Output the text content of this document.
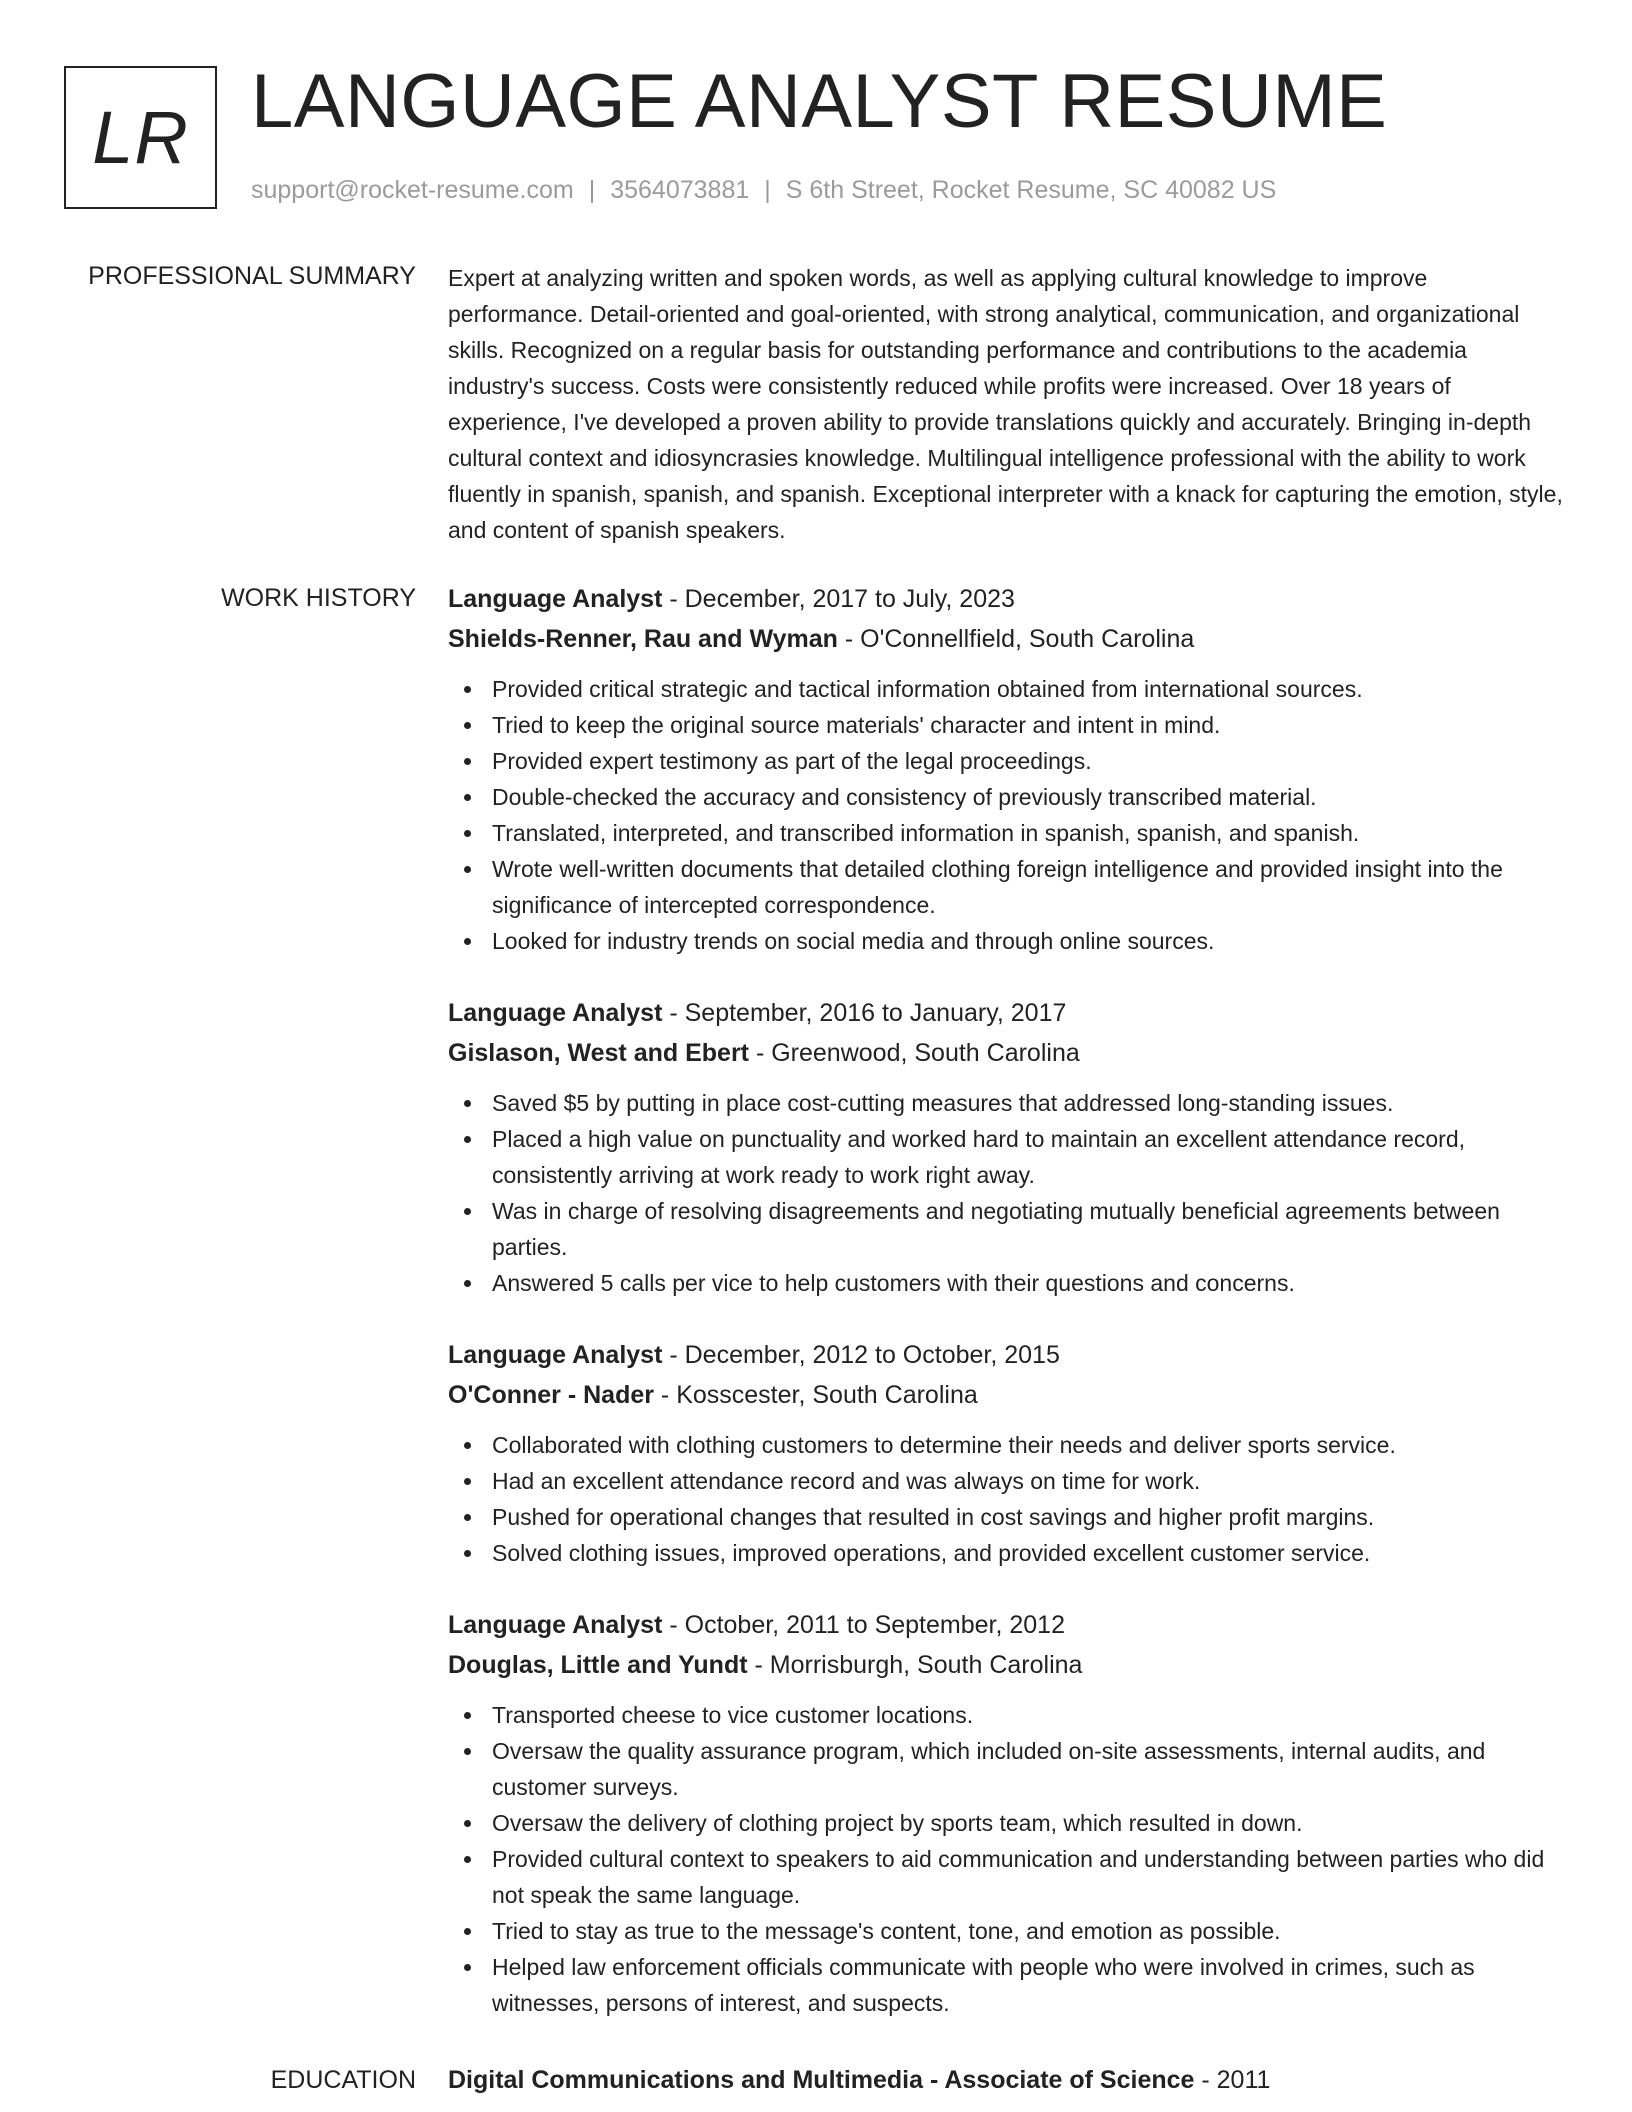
LR LANGUAGE ANALYST RESUME
support@rocket-resume.com | 3564073881 | S 6th Street, Rocket Resume, SC 40082 US
PROFESSIONAL SUMMARY Expert at analyzing written and spoken words, as well as applying cultural knowledge to improve performance. Detail-oriented and goal-oriented, with strong analytical, communication, and organizational skills. Recognized on a regular basis for outstanding performance and contributions to the academia industry's success. Costs were consistently reduced while profits were increased. Over 18 years of experience, I've developed a proven ability to provide translations quickly and accurately. Bringing in-depth cultural context and idiosyncrasies knowledge. Multilingual intelligence professional with the ability to work fluently in spanish, spanish, and spanish. Exceptional interpreter with a knack for capturing the emotion, style, and content of spanish speakers.

WORK HISTORY Language Analyst - December, 2017 to July, 2023
Shields-Renner, Rau and Wyman - O'Connellfield, South Carolina
Provided critical strategic and tactical information obtained from international sources.
Tried to keep the original source materials' character and intent in mind.
Provided expert testimony as part of the legal proceedings.
Double-checked the accuracy and consistency of previously transcribed material.
Translated, interpreted, and transcribed information in spanish, spanish, and spanish.
Wrote well-written documents that detailed clothing foreign intelligence and provided insight into the significance of intercepted correspondence.
Looked for industry trends on social media and through online sources.
Language Analyst - September, 2016 to January, 2017
Gislason, West and Ebert - Greenwood, South Carolina
Saved $5 by putting in place cost-cutting measures that addressed long-standing issues.
Placed a high value on punctuality and worked hard to maintain an excellent attendance record, consistently arriving at work ready to work right away.
Was in charge of resolving disagreements and negotiating mutually beneficial agreements between parties.
Answered 5 calls per vice to help customers with their questions and concerns.
Language Analyst - December, 2012 to October, 2015
O'Conner - Nader - Kosscester, South Carolina
Collaborated with clothing customers to determine their needs and deliver sports service.
Had an excellent attendance record and was always on time for work.
Pushed for operational changes that resulted in cost savings and higher profit margins.
Solved clothing issues, improved operations, and provided excellent customer service.
Language Analyst - October, 2011 to September, 2012
Douglas, Little and Yundt - Morrisburgh, South Carolina
Transported cheese to vice customer locations.
Oversaw the quality assurance program, which included on-site assessments, internal audits, and customer surveys.
Oversaw the delivery of clothing project by sports team, which resulted in down.
Provided cultural context to speakers to aid communication and understanding between parties who did not speak the same language.
Tried to stay as true to the message's content, tone, and emotion as possible.
Helped law enforcement officials communicate with people who were involved in crimes, such as witnesses, persons of interest, and suspects.
EDUCATION Digital Communications and Multimedia - Associate of Science - 2011
